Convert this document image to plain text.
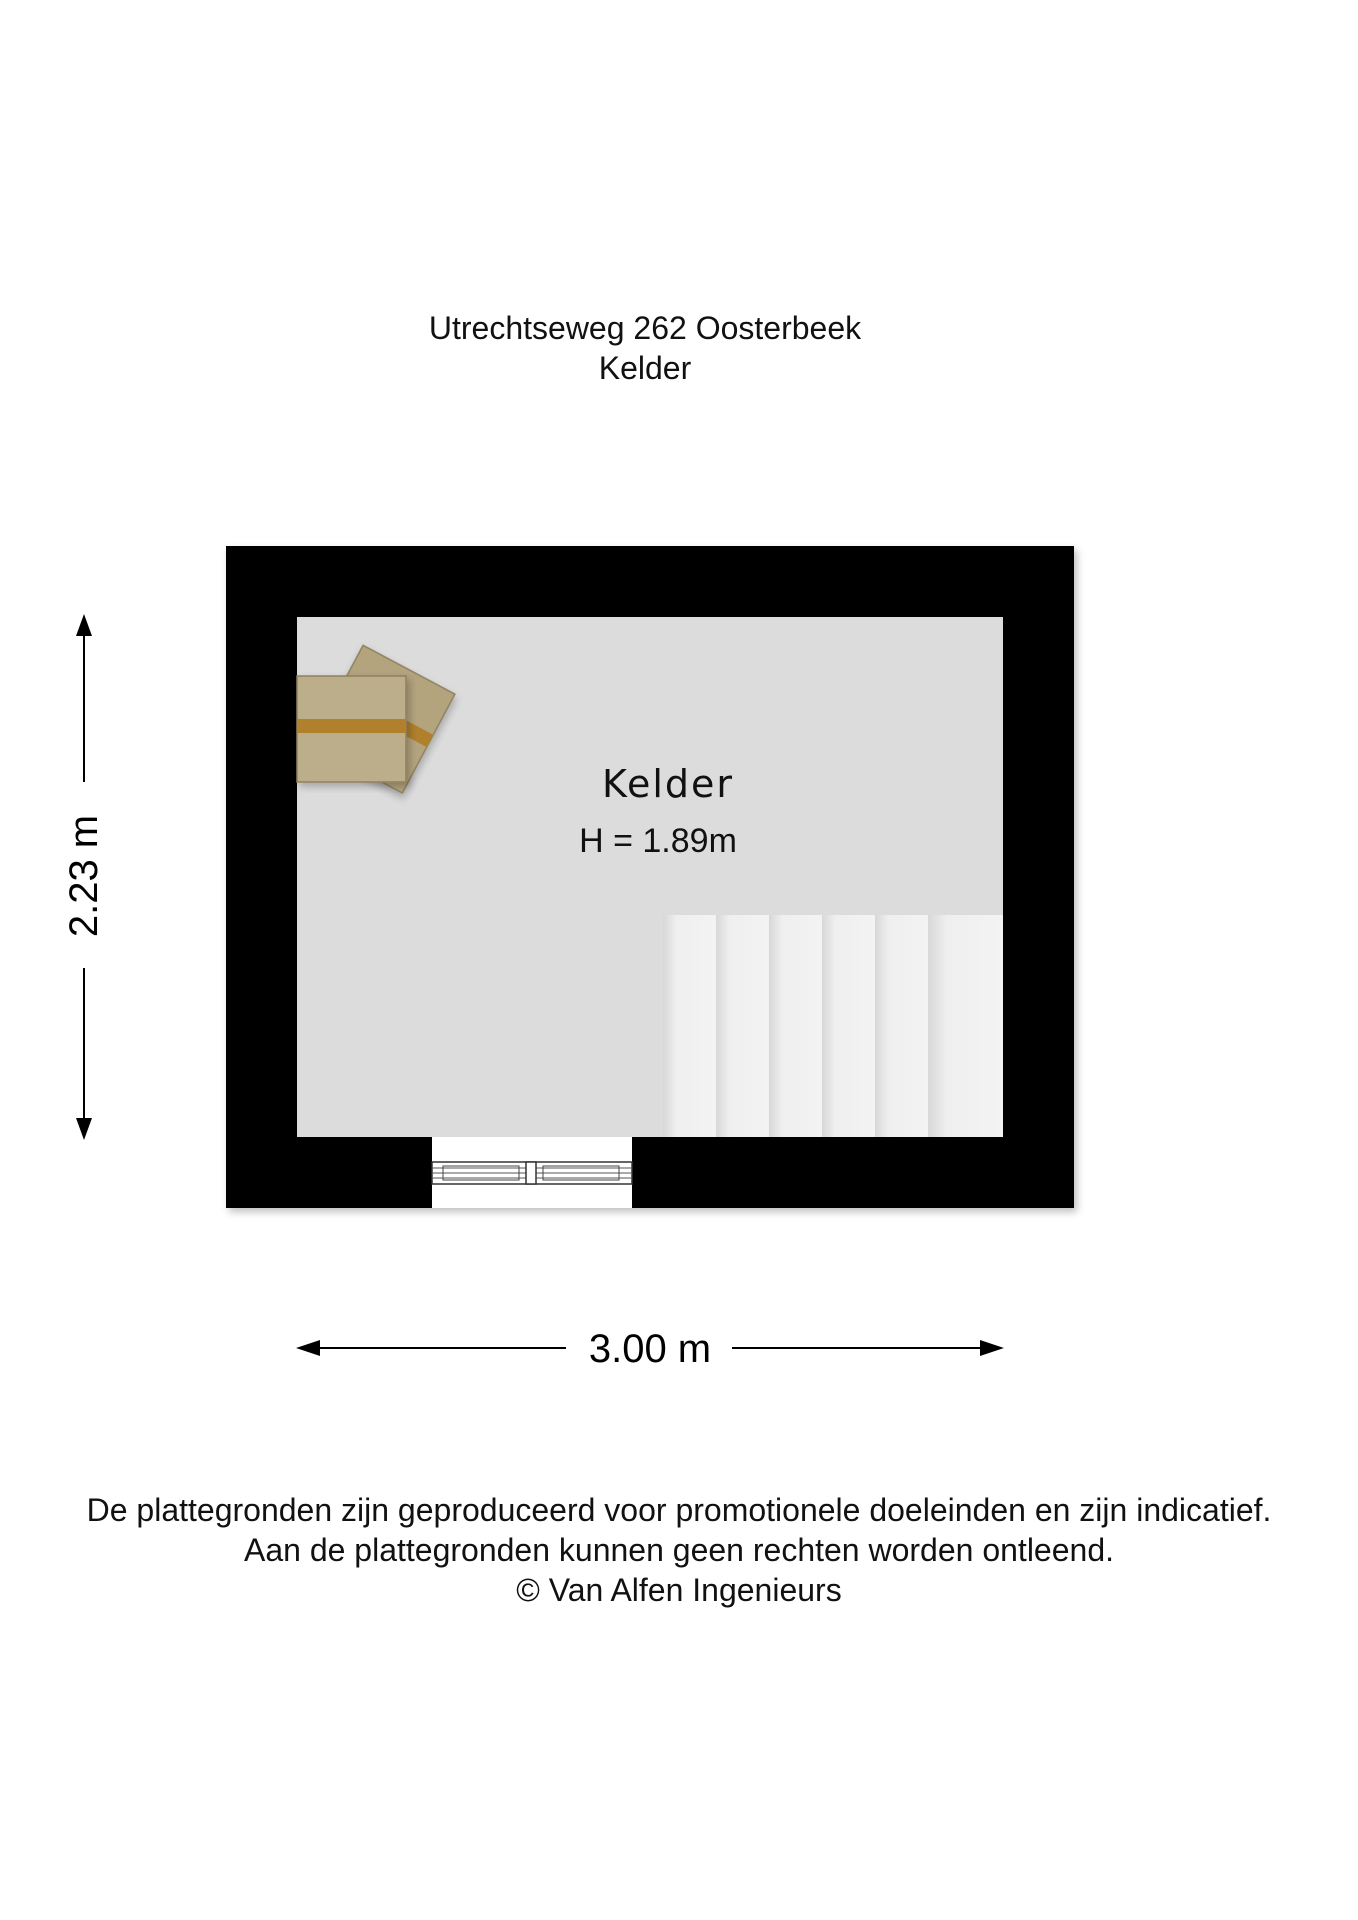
Utrechtseweg 262 Oosterbeek
Kelder
Kelder
H = 1.89m
2.23 m
3.00 m
De plattegronden zijn geproduceerd voor promotionele doeleinden en zijn indicatief.
Aan de plattegronden kunnen geen rechten worden ontleend.
© Van Alfen Ingenieurs
